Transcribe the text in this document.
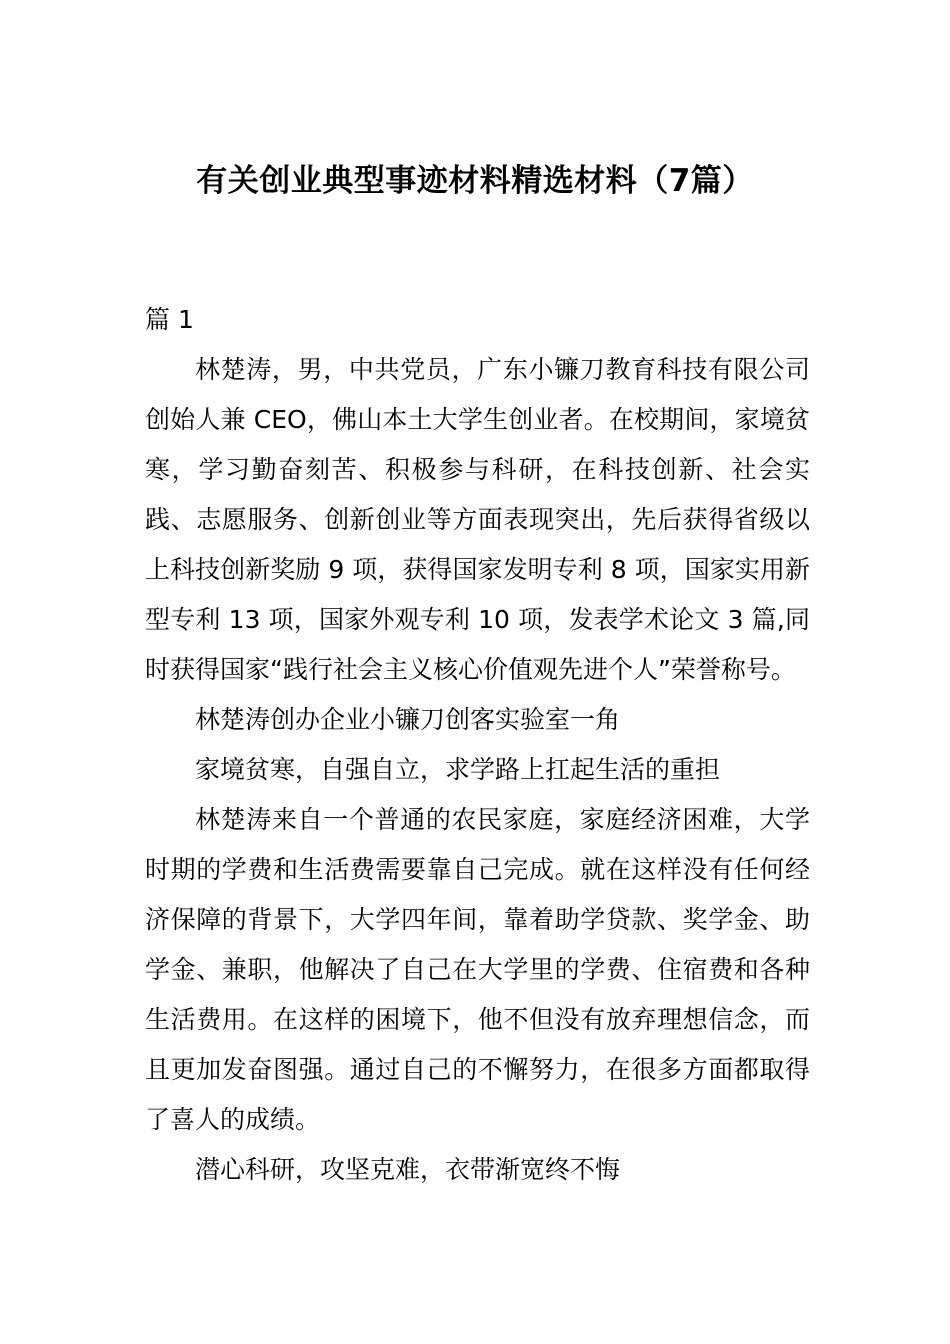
有关创业典型事迹材料精选材料（7篇）

篇 1

林楚涛，男，中共党员，广东小镰刀教育科技有限公司创始人兼 CEO，佛山本土大学生创业者。在校期间，家境贫寒，学习勤奋刻苦、积极参与科研，在科技创新、社会实践、志愿服务、创新创业等方面表现突出，先后获得省级以上科技创新奖励 9 项，获得国家发明专利 8 项，国家实用新型专利 13 项，国家外观专利 10 项，发表学术论文 3 篇,同时获得国家“践行社会主义核心价值观先进个人”荣誉称号。

林楚涛创办企业小镰刀创客实验室一角

家境贫寒，自强自立，求学路上扛起生活的重担

林楚涛来自一个普通的农民家庭，家庭经济困难，大学时期的学费和生活费需要靠自己完成。就在这样没有任何经济保障的背景下，大学四年间，靠着助学贷款、奖学金、助学金、兼职，他解决了自己在大学里的学费、住宿费和各种生活费用。在这样的困境下，他不但没有放弃理想信念，而且更加发奋图强。通过自己的不懈努力，在很多方面都取得了喜人的成绩。

潜心科研，攻坚克难，衣带渐宽终不悔
